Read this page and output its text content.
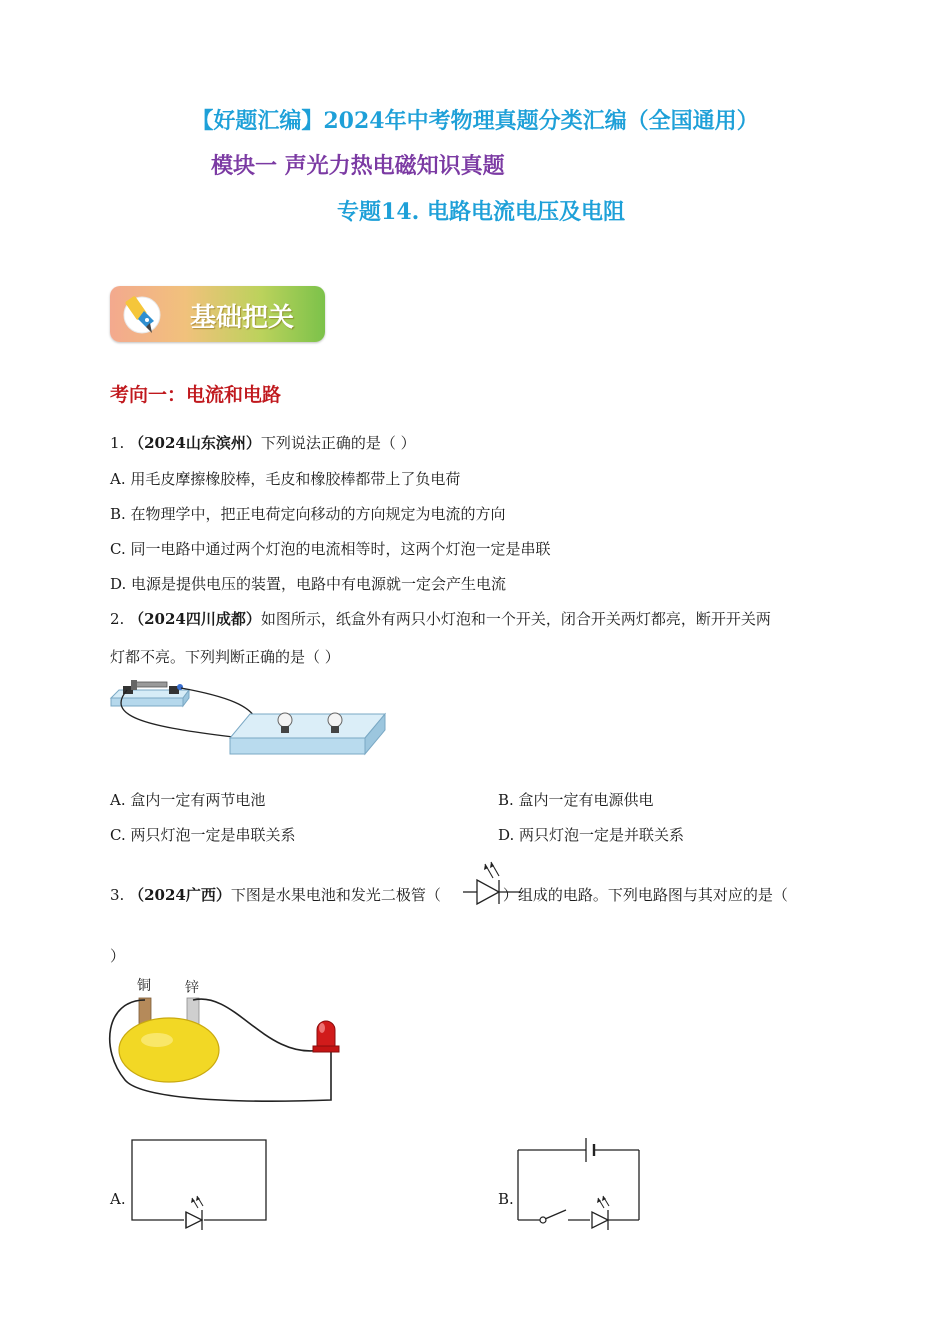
【好题汇编】2024年中考物理真题分类汇编（全国通用）
模块一 声光力热电磁知识真题
专题14. 电路电流电压及电阻
基础把关
考向一：电流和电路
1. （2024山东滨州）下列说法正确的是（ ）
A. 用毛皮摩擦橡胶棒，毛皮和橡胶棒都带上了负电荷
B. 在物理学中，把正电荷定向移动的方向规定为电流的方向
C. 同一电路中通过两个灯泡的电流相等时，这两个灯泡一定是串联
D. 电源是提供电压的装置，电路中有电源就一定会产生电流
2. （2024四川成都）如图所示，纸盒外有两只小灯泡和一个开关，闭合开关两灯都亮，断开开关两
灯都不亮。下列判断正确的是（ ）
A. 盒内一定有两节电池	B. 盒内一定有电源供电
C. 两只灯泡一定是串联关系	D. 两只灯泡一定是并联关系
3. （2024广西）下图是水果电池和发光二极管（	）组成的电路。下列电路图与其对应的是（
）
铜 锌
A.	B.
